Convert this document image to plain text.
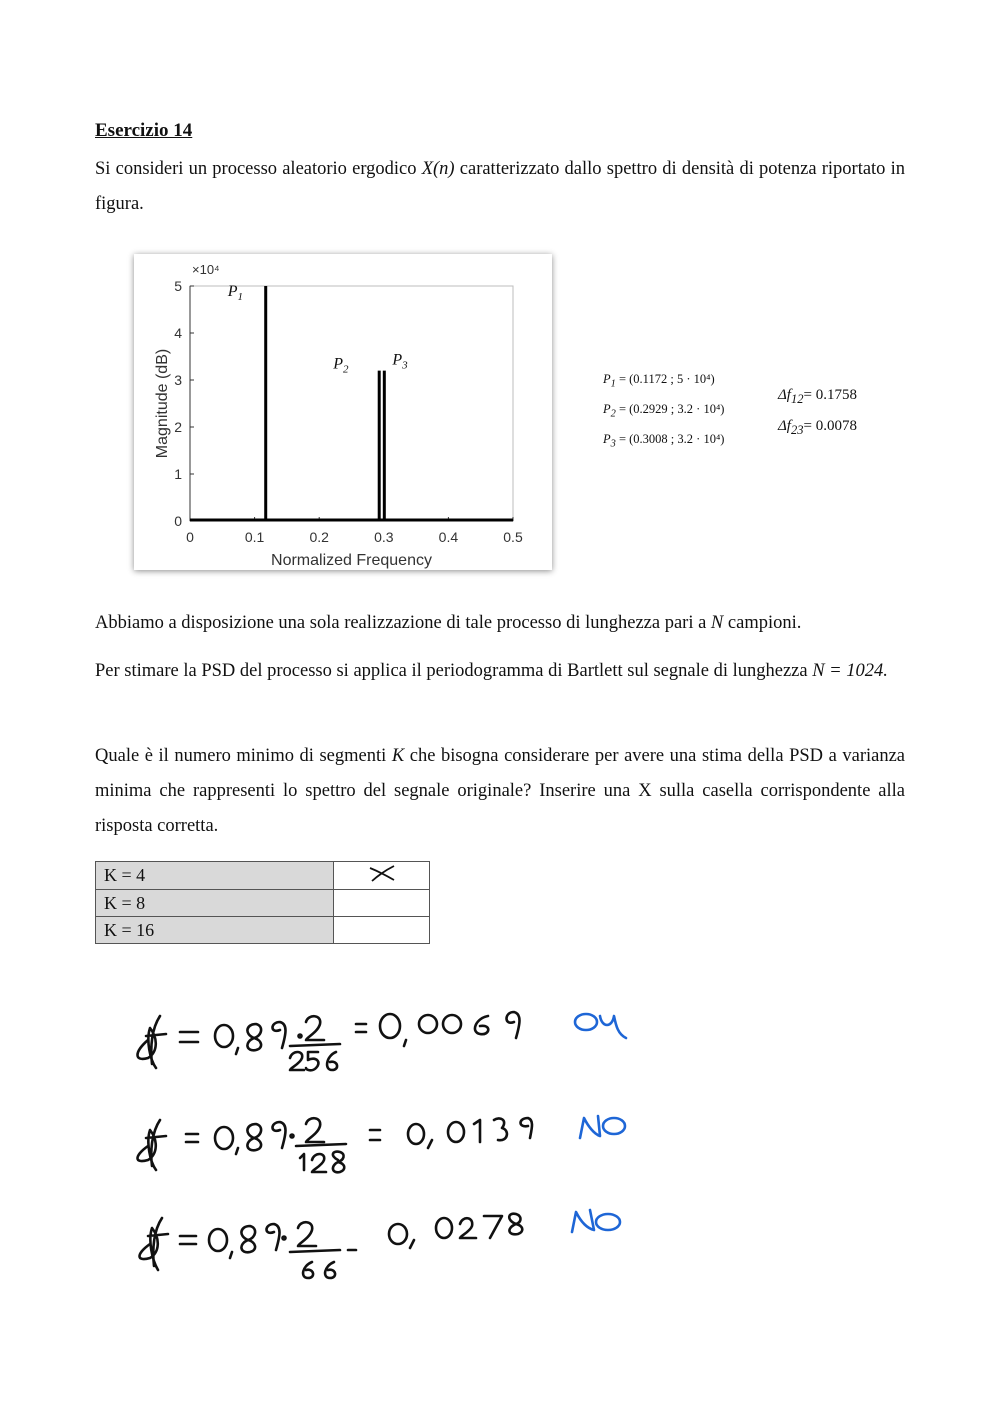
Esercizio 14
Si consideri un processo aleatorio ergodico X(n) caratterizzato dallo spettro di densità di potenza riportato in figura.
0	0.1	0.2	0.3	0.4	0.5
0
1
2
3
4
5
×10⁴
Normalized Frequency
Magnitude (dB)
$P_1$
$P_2$
$P_3$
$P_1 = (0.1172$ ; 5 · 10⁴)
$P_2 = (0.2929$ ; 3.2 · 10⁴)
$P_3 = (0.3008$ ; 3.2 · 10⁴)
$\Delta f_{12}= 0.1758$
$\Delta f_{23}= 0.0078$
Abbiamo a disposizione una sola realizzazione di tale processo di lunghezza pari a N campioni.
Per stimare la PSD del processo si applica il periodogramma di Bartlett sul segnale di lunghezza N = 1024.
Quale è il numero minimo di segmenti K che bisogna considerare per avere una stima della PSD a varianza minima che rappresenti lo spettro del segnale originale? Inserire una X sulla casella corrispondente alla risposta corretta.
K = 4	
K = 8	
K = 16	
